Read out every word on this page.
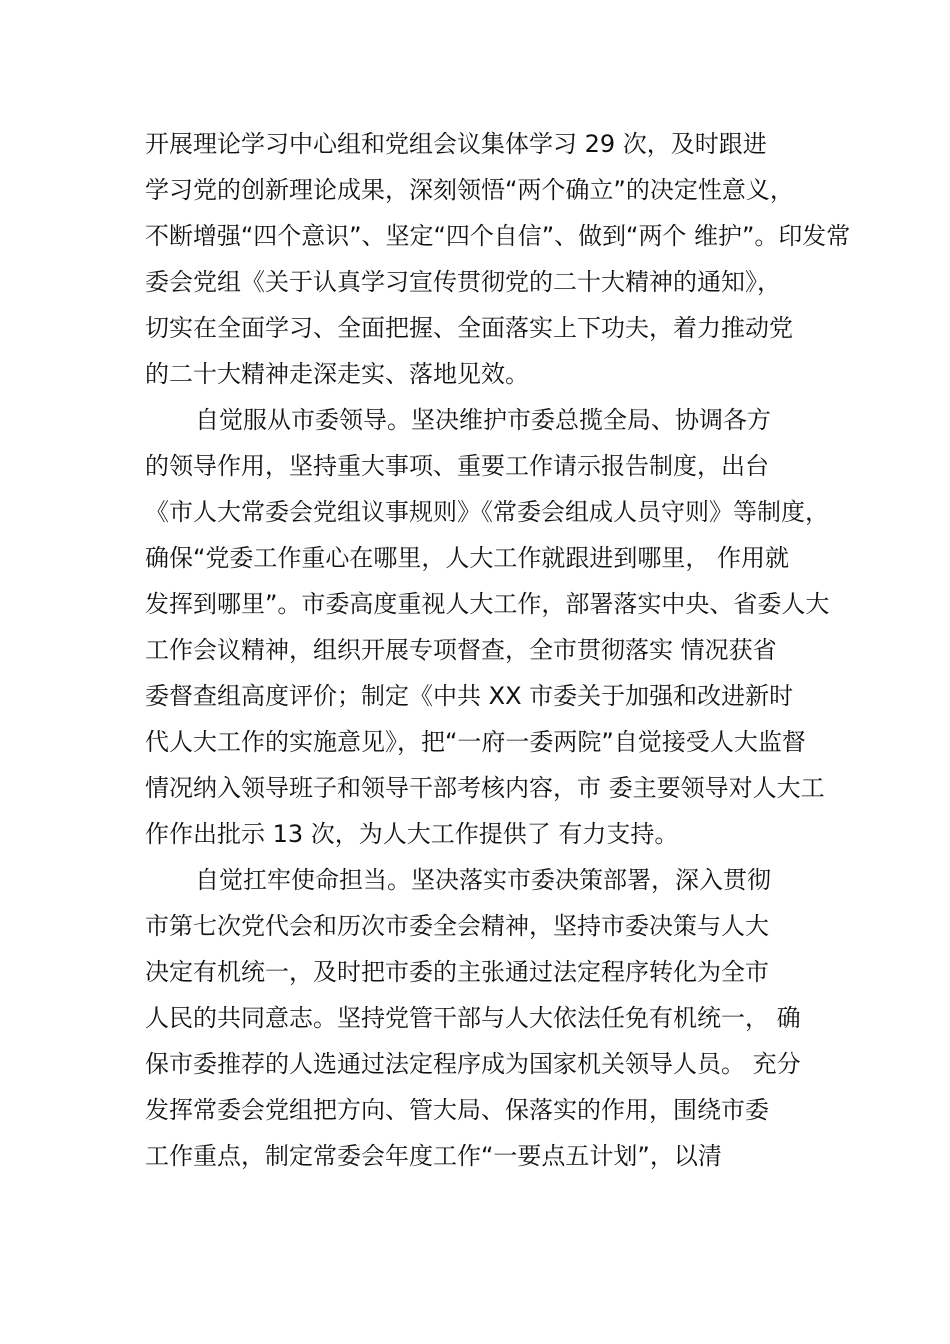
开展理论学习中心组和党组会议集体学习 29 次，及时跟进
学习党的创新理论成果，深刻领悟“两个确立”的决定性意义，
不断增强“四个意识”、坚定“四个自信”、做到“两个 维护”。印发常
委会党组《关于认真学习宣传贯彻党的二十大精神的通知》，
切实在全面学习、全面把握、全面落实上下功夫，着力推动党
的二十大精神走深走实、落地见效。
自觉服从市委领导。坚决维护市委总揽全局、协调各方
的领导作用，坚持重大事项、重要工作请示报告制度，出台
《市人大常委会党组议事规则》《常委会组成人员守则》等制度，
确保“党委工作重心在哪里，人大工作就跟进到哪里， 作用就
发挥到哪里”。市委高度重视人大工作，部署落实中央、省委人大
工作会议精神，组织开展专项督查，全市贯彻落实 情况获省
委督查组高度评价；制定《中共 XX 市委关于加强和改进新时
代人大工作的实施意见》，把“一府一委两院”自觉接受人大监督
情况纳入领导班子和领导干部考核内容，市 委主要领导对人大工
作作出批示 13 次，为人大工作提供了 有力支持。
自觉扛牢使命担当。坚决落实市委决策部署，深入贯彻
市第七次党代会和历次市委全会精神，坚持市委决策与人大
决定有机统一，及时把市委的主张通过法定程序转化为全市
人民的共同意志。坚持党管干部与人大依法任免有机统一， 确
保市委推荐的人选通过法定程序成为国家机关领导人员。 充分
发挥常委会党组把方向、管大局、保落实的作用，围绕市委
工作重点，制定常委会年度工作“一要点五计划”，以清
